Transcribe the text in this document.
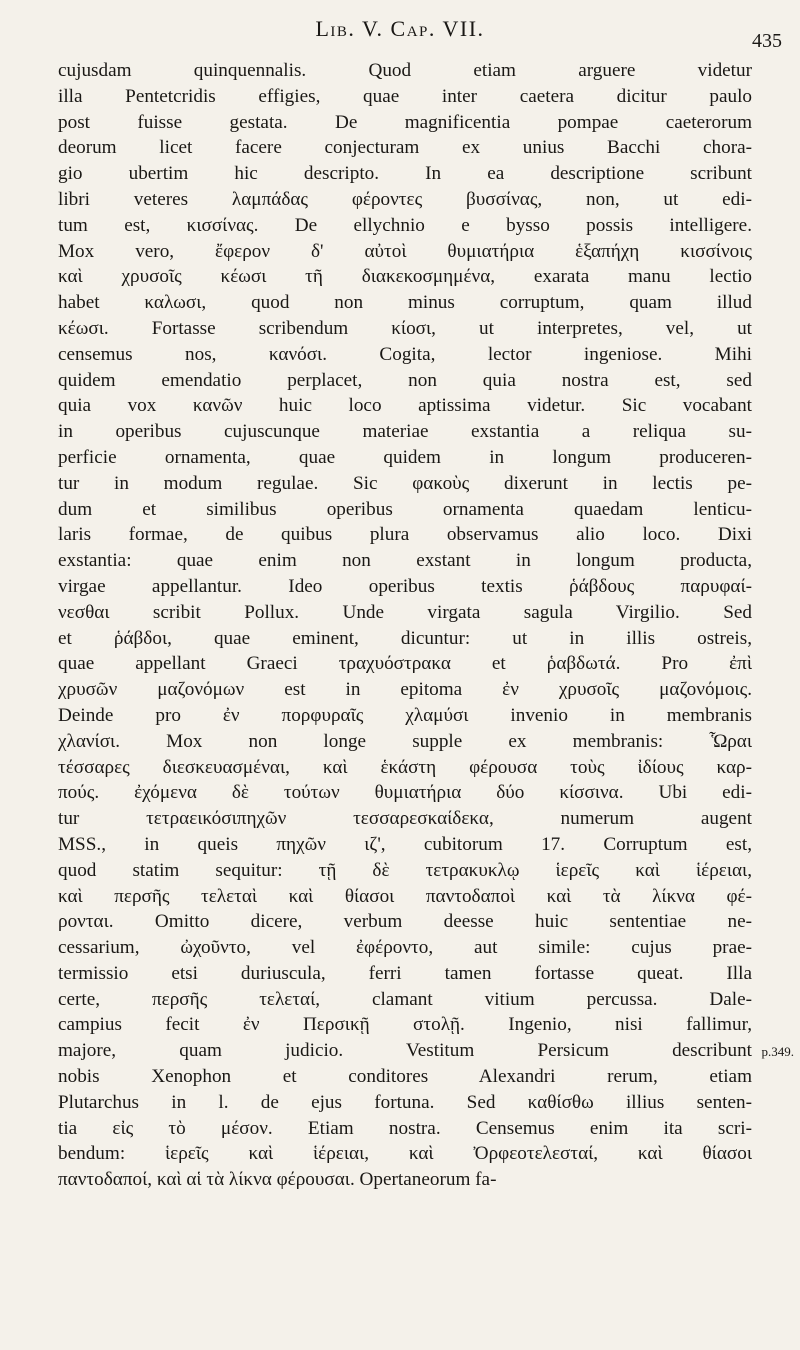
Lib. V. Cap. VII.	435
cujusdam quinquennalis. Quod etiam arguere videtur
illa Pentetcridis effigies, quae inter caetera dicitur paulo
post fuisse gestata. De magnificentia pompae caeterorum
deorum licet facere conjecturam ex unius Bacchi chora-
gio ubertim hic descripto. In ea descriptione scribunt
libri veteres λαμπάδας φέροντες βυσσίνας, non, ut edi-
tum est, κισσίνας. De ellychnio e bysso possis intelligere.
Mox vero, ἔφερον δ' αὐτοὶ θυμιατήρια ἑξαπήχη κισσίνοις
καὶ χρυσοῖς κέωσι τῆ διακεκοσμημένα, exarata manu lectio
habet καλωσι, quod non minus corruptum, quam illud
κέωσι. Fortasse scribendum κίοσι, ut interpretes, vel, ut
censemus nos, κανόσι. Cogita, lector ingeniose. Mihi
quidem emendatio perplacet, non quia nostra est, sed
quia vox κανῶν huic loco aptissima videtur. Sic vocabant
in operibus cujuscunque materiae exstantia a reliqua su-
perficie ornamenta, quae quidem in longum produceren-
tur in modum regulae. Sic φακοὺς dixerunt in lectis pe-
dum et similibus operibus ornamenta quaedam lenticu-
laris formae, de quibus plura observamus alio loco. Dixi
exstantia: quae enim non exstant in longum producta,
virgae appellantur. Ideo operibus textis ῥάβδους παρυφαί-
νεσθαι scribit Pollux. Unde virgata sagula Virgilio. Sed
et ῥάβδοι, quae eminent, dicuntur: ut in illis ostreis,
quae appellant Graeci τραχυόστρακα et ῥαβδωτά. Pro ἐπὶ
χρυσῶν μαζονόμων est in epitoma ἐν χρυσοῖς μαζονόμοις.
Deinde pro ἐν πορφυραῖς χλαμύσι invenio in membranis
χλανίσι. Mox non longe supple ex membranis: Ὧραι
τέσσαρες διεσκευασμέναι, καὶ ἑκάστη φέρουσα τοὺς ἰδίους καρ-
πούς. ἐχόμενα δὲ τούτων θυμιατήρια δύο κίσσινα. Ubi edi-
tur τετραεικόσιπηχῶν τεσσαρεσκαίδεκα, numerum augent
MSS., in queis πηχῶν ιζ', cubitorum 17. Corruptum est,
quod statim sequitur: τῇ δὲ τετρακυκλῳ ἱερεῖς καὶ ἱέρειαι,
καὶ περσῆς τελεταὶ καὶ θίασοι παντοδαποὶ καὶ τὰ λίκνα φέ-
ρονται. Omitto dicere, verbum deesse huic sententiae ne-
cessarium, ὠχοῦντο, vel ἐφέροντο, aut simile: cujus prae-
termissio etsi duriuscula, ferri tamen fortasse queat. Illa
certe, περσῆς τελεταί, clamant vitium percussa. Dale-
campius fecit ἐν Περσικῇ στολῇ. Ingenio, nisi fallimur,
majore, quam judicio. Vestitum Persicum describunt
nobis Xenophon et conditores Alexandri rerum, etiam
Plutarchus in l. de ejus fortuna. Sed καθίσθω illius senten-
tia εἰς τὸ μέσον. Etiam nostra. Censemus enim ita scri-
bendum: ἱερεῖς καὶ ἱέρειαι, καὶ Ὀρφεοτελεσταί, καὶ θίασοι
παντοδαποί, καὶ αἱ τὰ λίκνα φέρουσαι. Opertaneorum fa-
p.349.
